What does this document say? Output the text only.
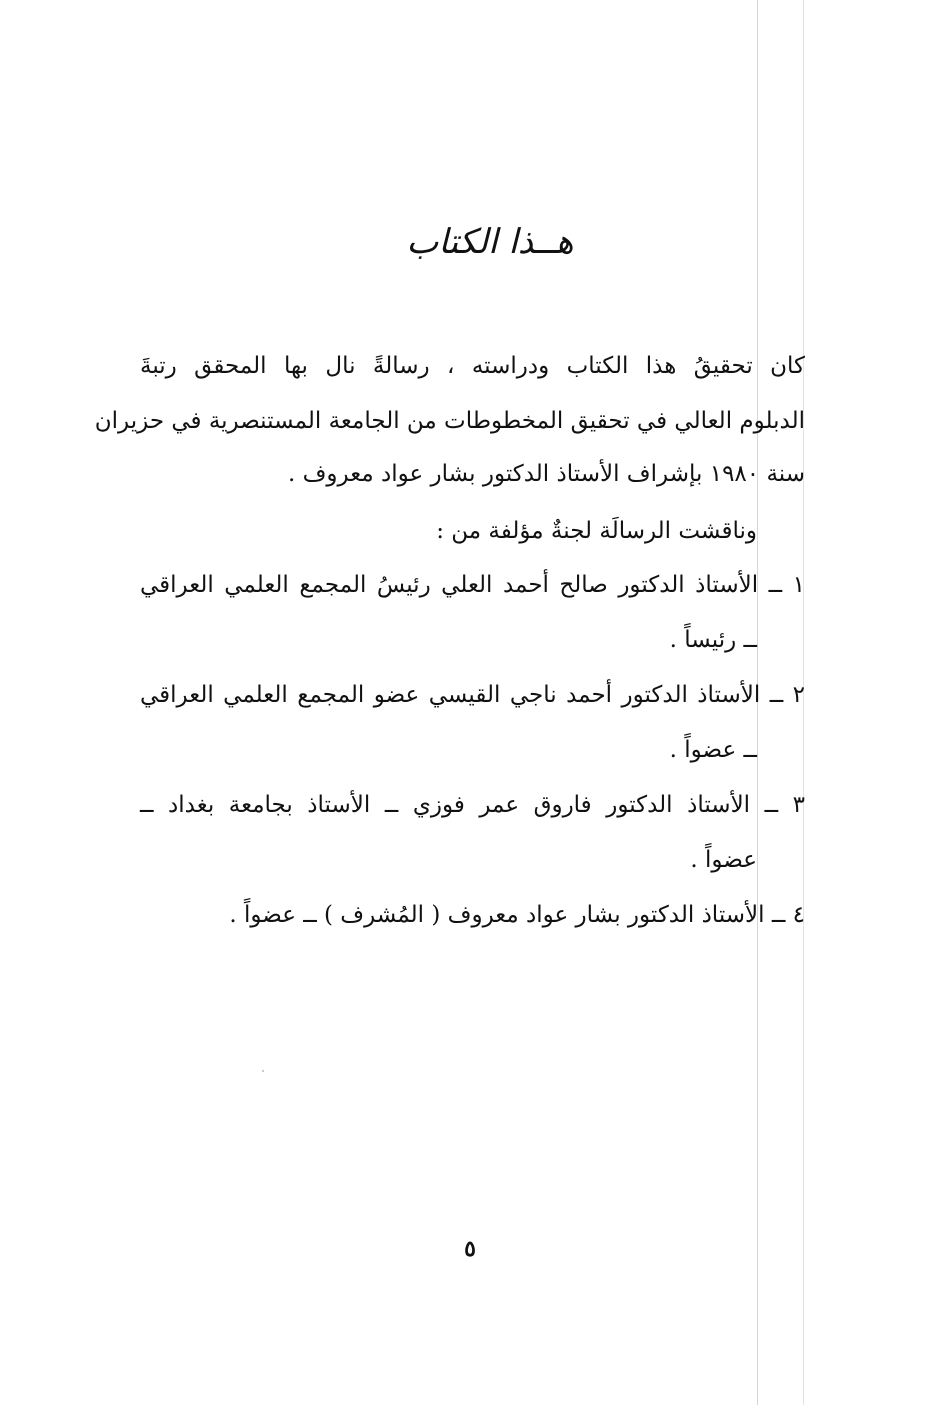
هــذا الكتاب
كان تحقيقُ هذا الكتاب ودراسته ، رسالةً نال بها المحقق رتبةَ
الدبلوم العالي في تحقيق المخطوطات من الجامعة المستنصرية في حزيران
سنة ١٩٨٠ بإشراف الأستاذ الدكتور بشار عواد معروف .
وناقشت الرسالَة لجنةٌ مؤلفة من :
١ ــ الأستاذ الدكتور صالح أحمد العلي رئيسُ المجمع العلمي العراقي
ــ رئيساً .
٢ ــ الأستاذ الدكتور أحمد ناجي القيسي عضو المجمع العلمي العراقي
ــ عضواً .
٣ ــ الأستاذ الدكتور فاروق عمر فوزي ــ الأستاذ بجامعة بغداد ــ
عضواً .
٤ ــ الأستاذ الدكتور بشار عواد معروف ( المُشرف ) ــ عضواً .
٥
